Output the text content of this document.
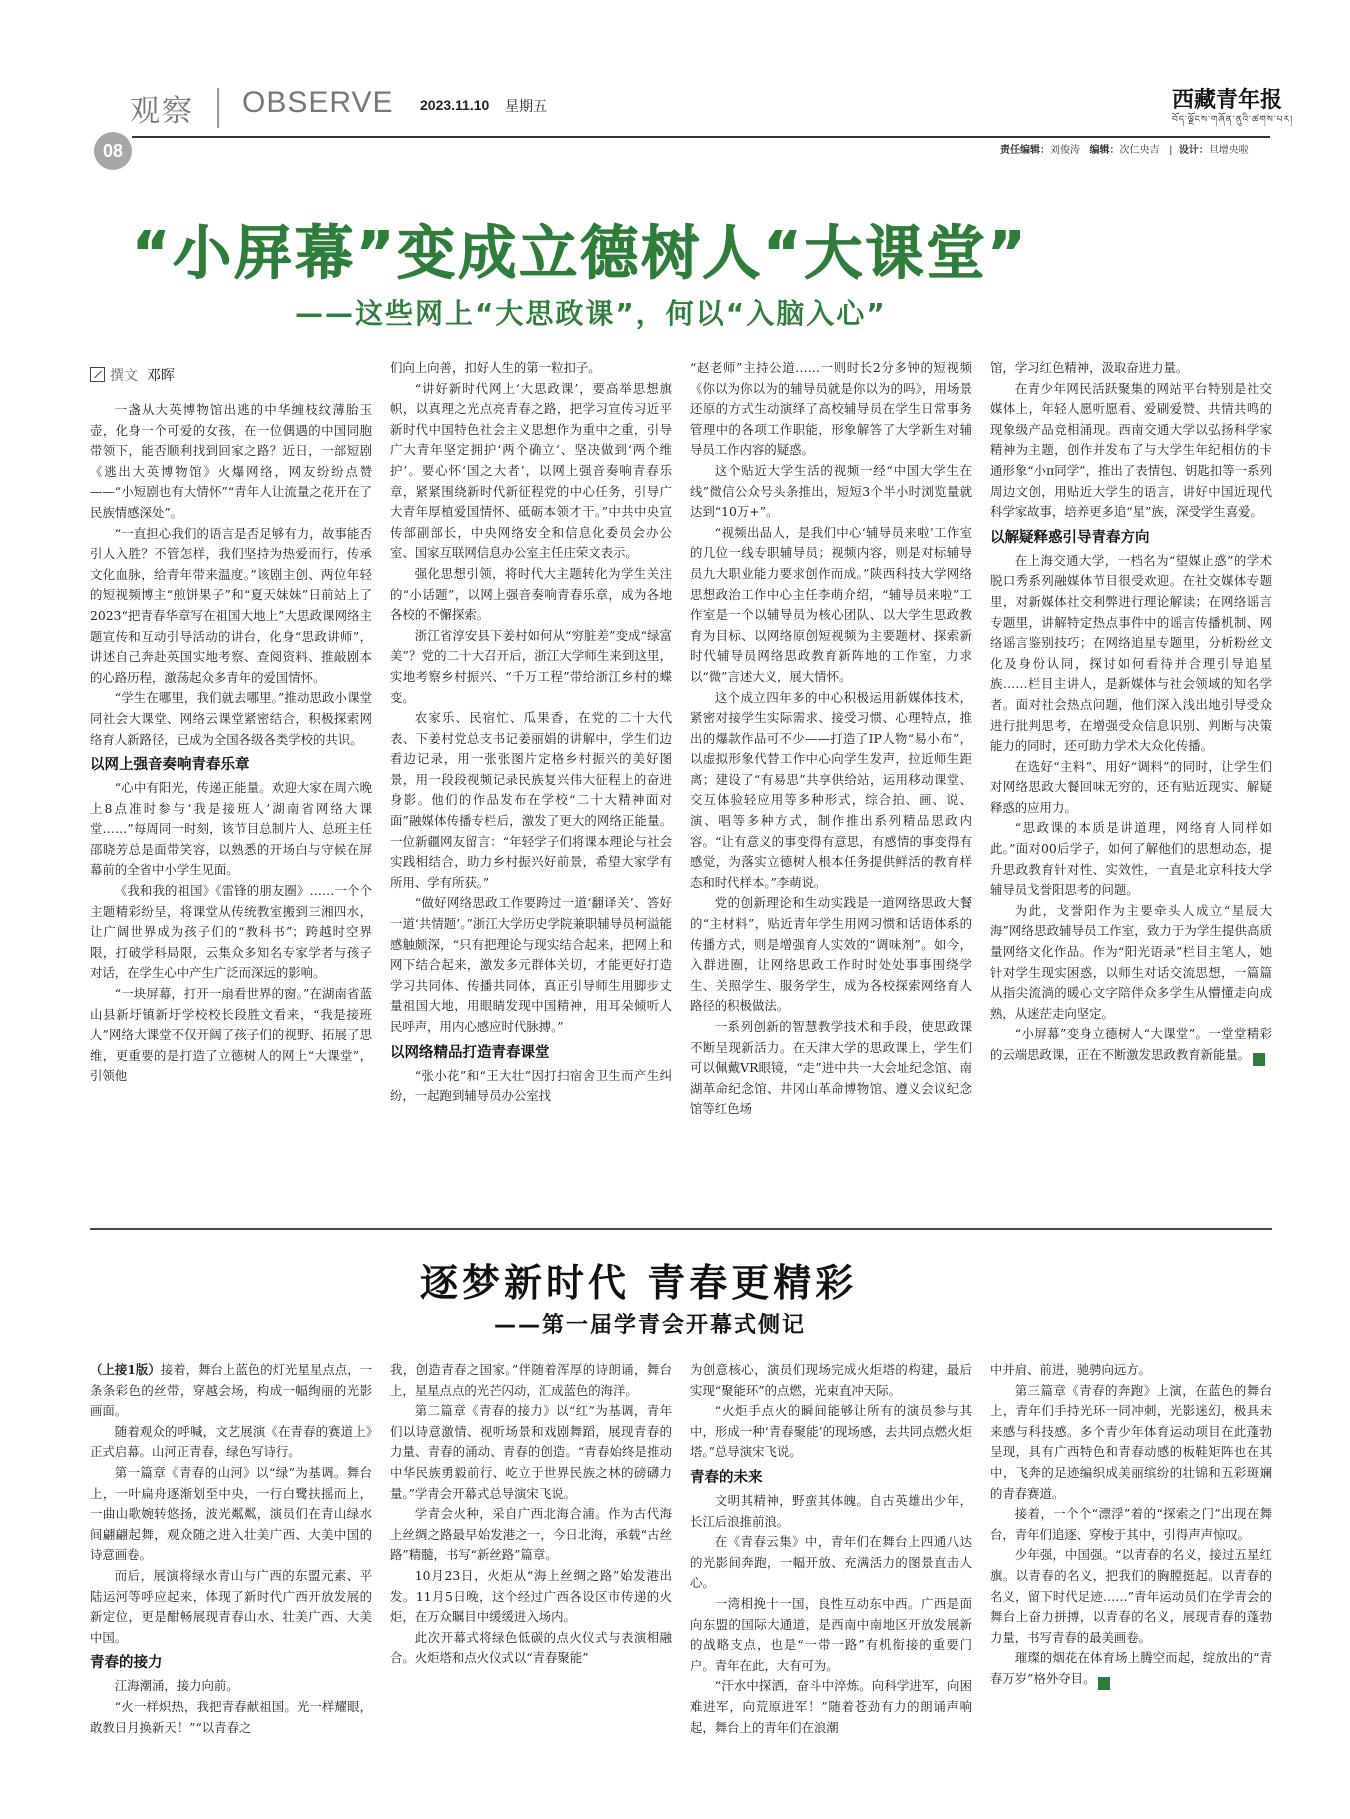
观察 OBSERVE 2023.11.10 星期五	西藏青年报
བོད་ལྗོངས་གཞོན་ནུའི་ཚགས་པར།
08	责任编辑：刘俊涛 编辑：次仁央吉   |  设计：旦增央啦
“小屏幕”变成立德树人“大课堂”
——这些网上“大思政课”，何以“入脑入心”
撰文 邓晖

一盏从大英博物馆出逃的中华缠枝纹薄胎玉壶，化身一个可爱的女孩，在一位偶遇的中国同胞带领下，能否顺利找到回家之路？近日，一部短剧《逃出大英博物馆》火爆网络，网友纷纷点赞——“小短剧也有大情怀”“青年人让流量之花开在了民族情感深处”。

“一直担心我们的语言是否足够有力，故事能否引人入胜？不管怎样，我们坚持为热爱而行，传承文化血脉，给青年带来温度。”该剧主创、两位年轻的短视频博主“煎饼果子”和“夏天妹妹”日前站上了2023“把青春华章写在祖国大地上”大思政课网络主题宣传和互动引导活动的讲台，化身“思政讲师”，讲述自己奔赴英国实地考察、查阅资料、推敲剧本的心路历程，激荡起众多青年的爱国情怀。

“学生在哪里，我们就去哪里。”推动思政小课堂同社会大课堂、网络云课堂紧密结合，积极探索网络育人新路径，已成为全国各级各类学校的共识。

以网上强音奏响青春乐章

“心中有阳光，传递正能量。欢迎大家在周六晚上8点准时参与‘我是接班人’湖南省网络大课堂……”每周同一时刻，该节目总制片人、总班主任邵晓芳总是面带笑容，以熟悉的开场白与守候在屏幕前的全省中小学生见面。

《我和我的祖国》《雷锋的朋友圈》……一个个主题精彩纷呈，将课堂从传统教室搬到三湘四水，让广阔世界成为孩子们的“教科书”；跨越时空界限，打破学科局限，云集众多知名专家学者与孩子对话，在学生心中产生广泛而深远的影响。

“一块屏幕，打开一扇看世界的窗。”在湖南省蓝山县新圩镇新圩学校校长段胜文看来，“我是接班人”网络大课堂不仅开阔了孩子们的视野、拓展了思维，更重要的是打造了立德树人的网上“大课堂”，引领他

们向上向善，扣好人生的第一粒扣子。

“讲好新时代网上‘大思政课’，要高举思想旗帜，以真理之光点亮青春之路，把学习宣传习近平新时代中国特色社会主义思想作为重中之重，引导广大青年坚定拥护‘两个确立’、坚决做到‘两个维护’。要心怀‘国之大者’，以网上强音奏响青春乐章，紧紧围绕新时代新征程党的中心任务，引导广大青年厚植爱国情怀、砥砺本领才干。”中共中央宣传部副部长，中央网络安全和信息化委员会办公室、国家互联网信息办公室主任庄荣文表示。

强化思想引领，将时代大主题转化为学生关注的“小话题”，以网上强音奏响青春乐章，成为各地各校的不懈探索。

浙江省淳安县下姜村如何从“穷脏差”变成“绿富美”？党的二十大召开后，浙江大学师生来到这里，实地考察乡村振兴、“千万工程”带给浙江乡村的蝶变。

农家乐、民宿忙、瓜果香，在党的二十大代表、下姜村党总支书记姜丽娟的讲解中，学生们边看边记录，用一张张图片定格乡村振兴的美好图景，用一段段视频记录民族复兴伟大征程上的奋进身影。他们的作品发布在学校“二十大精神面对面”融媒体传播专栏后，激发了更大的网络正能量。一位新疆网友留言：“年轻学子们将课本理论与社会实践相结合，助力乡村振兴好前景，希望大家学有所用、学有所获。”

“做好网络思政工作要跨过一道‘翻译关’、答好一道‘共情题’。”浙江大学历史学院兼职辅导员柯溢能感触颇深，“只有把理论与现实结合起来，把网上和网下结合起来，激发多元群体关切，才能更好打造学习共同体、传播共同体，真正引导师生用脚步丈量祖国大地，用眼睛发现中国精神，用耳朵倾听人民呼声，用内心感应时代脉搏。”

以网络精品打造青春课堂

“张小花”和“王大壮”因打扫宿舍卫生而产生纠纷，一起跑到辅导员办公室找

“赵老师”主持公道……一则时长2分多钟的短视频《你以为你以为的辅导员就是你以为的吗》，用场景还原的方式生动演绎了高校辅导员在学生日常事务管理中的各项工作职能，形象解答了大学新生对辅导员工作内容的疑惑。

这个贴近大学生活的视频一经“中国大学生在线”微信公众号头条推出，短短3个半小时浏览量就达到“10万+”。

“视频出品人，是我们中心‘辅导员来啦’工作室的几位一线专职辅导员；视频内容，则是对标辅导员九大职业能力要求创作而成。”陕西科技大学网络思想政治工作中心主任李萌介绍，“辅导员来啦”工作室是一个以辅导员为核心团队、以大学生思政教育为目标、以网络原创短视频为主要题材、探索新时代辅导员网络思政教育新阵地的工作室，力求以“微”言述大义，展大情怀。

这个成立四年多的中心积极运用新媒体技术，紧密对接学生实际需求、接受习惯、心理特点，推出的爆款作品可不少——打造了IP人物“易小布”，以虚拟形象代替工作中心向学生发声，拉近师生距离；建设了“有易思”共享供给站，运用移动课堂、交互体验轻应用等多种形式，综合拍、画、说、演、唱等多种方式，制作推出系列精品思政内容。“让有意义的事变得有意思，有感情的事变得有感觉，为落实立德树人根本任务提供鲜活的教育样态和时代样本。”李萌说。

党的创新理论和生动实践是一道网络思政大餐的“主材料”，贴近青年学生用网习惯和话语体系的传播方式，则是增强育人实效的“调味剂”。如今，入群进圈，让网络思政工作时时处处事事围绕学生、关照学生、服务学生，成为各校探索网络育人路径的积极做法。

一系列创新的智慧教学技术和手段，使思政课不断呈现新活力。在天津大学的思政课上，学生们可以佩戴VR眼镜，“走”进中共一大会址纪念馆、南湖革命纪念馆、井冈山革命博物馆、遵义会议纪念馆等红色场

馆，学习红色精神，汲取奋进力量。

在青少年网民活跃聚集的网站平台特别是社交媒体上，年轻人愿听愿看、爱刷爱赞、共情共鸣的现象级产品竞相涌现。西南交通大学以弘扬科学家精神为主题，创作并发布了与大学生年纪相仿的卡通形象“小π同学”，推出了表情包、钥匙扣等一系列周边文创，用贴近大学生的语言，讲好中国近现代科学家故事，培养更多追“星”族，深受学生喜爱。

以解疑释惑引导青春方向

在上海交通大学，一档名为“望媒止惑”的学术脱口秀系列融媒体节目很受欢迎。在社交媒体专题里，对新媒体社交利弊进行理论解读；在网络谣言专题里，讲解特定热点事件中的谣言传播机制、网络谣言鉴别技巧；在网络追星专题里，分析粉丝文化及身份认同，探讨如何看待并合理引导追星族……栏目主讲人，是新媒体与社会领域的知名学者。面对社会热点问题，他们深入浅出地引导受众进行批判思考，在增强受众信息识别、判断与决策能力的同时，还可助力学术大众化传播。

在选好“主料”、用好“调料”的同时，让学生们对网络思政大餐回味无穷的，还有贴近现实、解疑释惑的应用力。

“思政课的本质是讲道理，网络育人同样如此。”面对00后学子，如何了解他们的思想动态，提升思政教育针对性、实效性，一直是北京科技大学辅导员戈誉阳思考的问题。

为此，戈誉阳作为主要牵头人成立“星辰大海”网络思政辅导员工作室，致力于为学生提供高质量网络文化作品。作为“阳光语录”栏目主笔人，她针对学生现实困惑，以师生对话交流思想，一篇篇从指尖流淌的暖心文字陪伴众多学生从懵懂走向成熟，从迷茫走向坚定。

“小屏幕”变身立德树人“大课堂”。一堂堂精彩的云端思政课，正在不断激发思政教育新能量。	青

逐梦新时代 青春更精彩
——第一届学青会开幕式侧记

（上接1版）接着，舞台上蓝色的灯光星星点点，一条条彩色的丝带，穿越会场，构成一幅绚丽的光影画面。

随着观众的呼喊，文艺展演《在青春的赛道上》正式启幕。山河正青春，绿色写诗行。

第一篇章《青春的山河》以“绿”为基调。舞台上，一叶扁舟逐渐划至中央，一行白鹭扶摇而上，一曲山歌婉转悠扬，波光粼粼，演员们在青山绿水间翩翩起舞，观众随之进入壮美广西、大美中国的诗意画卷。

而后，展演将绿水青山与广西的东盟元素、平陆运河等呼应起来，体现了新时代广西开放发展的新定位，更是酣畅展现青春山水、壮美广西、大美中国。

青春的接力

江海潮涌，接力向前。

“火一样炽热，我把青春献祖国。光一样耀眼，敢教日月换新天！”“以青春之

我，创造青春之国家。”伴随着浑厚的诗朗诵，舞台上，星星点点的光芒闪动，汇成蓝色的海洋。

第二篇章《青春的接力》以“红”为基调，青年们以诗意激情、视听场景和戏剧舞蹈，展现青春的力量、青春的涌动、青春的创造。“青春始终是推动中华民族勇毅前行、屹立于世界民族之林的磅礴力量。”学青会开幕式总导演宋飞说。

学青会火种，采自广西北海合浦。作为古代海上丝绸之路最早始发港之一，今日北海，承载“古丝路”精髓，书写“新丝路”篇章。

10月23日，火炬从“海上丝绸之路”始发港出发。11月5日晚，这个经过广西各设区市传递的火炬，在万众瞩目中缓缓进入场内。

此次开幕式将绿色低碳的点火仪式与表演相融合。火炬塔和点火仪式以“青春聚能”

为创意核心，演员们现场完成火炬塔的构建，最后实现“聚能环”的点燃，光束直冲天际。

“火炬手点火的瞬间能够让所有的演员参与其中，形成一种‘青春聚能’的现场感，去共同点燃火炬塔。”总导演宋飞说。

青春的未来

文明其精神，野蛮其体魄。自古英雄出少年，长江后浪推前浪。

在《青春云集》中，青年们在舞台上四通八达的光影间奔跑，一幅开放、充满活力的图景直击人心。

一湾相挽十一国，良性互动东中西。广西是面向东盟的国际大通道，是西南中南地区开放发展新的战略支点，也是“一带一路”有机衔接的重要门户。青年在此，大有可为。

“汗水中探洒，奋斗中淬炼。向科学进军，向困难进军，向荒原进军！”随着苍劲有力的朗诵声响起，舞台上的青年们在浪潮

中并肩、前进，驰骋向远方。

第三篇章《青春的奔跑》上演，在蓝色的舞台上，青年们手持光环一同冲刺，光影迷幻，极具未来感与科技感。多个青少年体育运动项目在此蓬勃呈现，具有广西特色和青春动感的板鞋矩阵也在其中，飞奔的足迹编织成美丽缤纷的壮锦和五彩斑斓的青春赛道。

接着，一个个“漂浮”着的“探索之门”出现在舞台，青年们追逐、穿梭于其中，引得声声惊叹。

少年强，中国强。“以青春的名义，接过五星红旗。以青春的名义，把我们的胸膛挺起。以青春的名义，留下时代足迹……”青年运动员们在学青会的舞台上奋力拼搏，以青春的名义，展现青春的蓬勃力量，书写青春的最美画卷。

璀璨的烟花在体育场上腾空而起，绽放出的“青春万岁”格外夺目。	青
